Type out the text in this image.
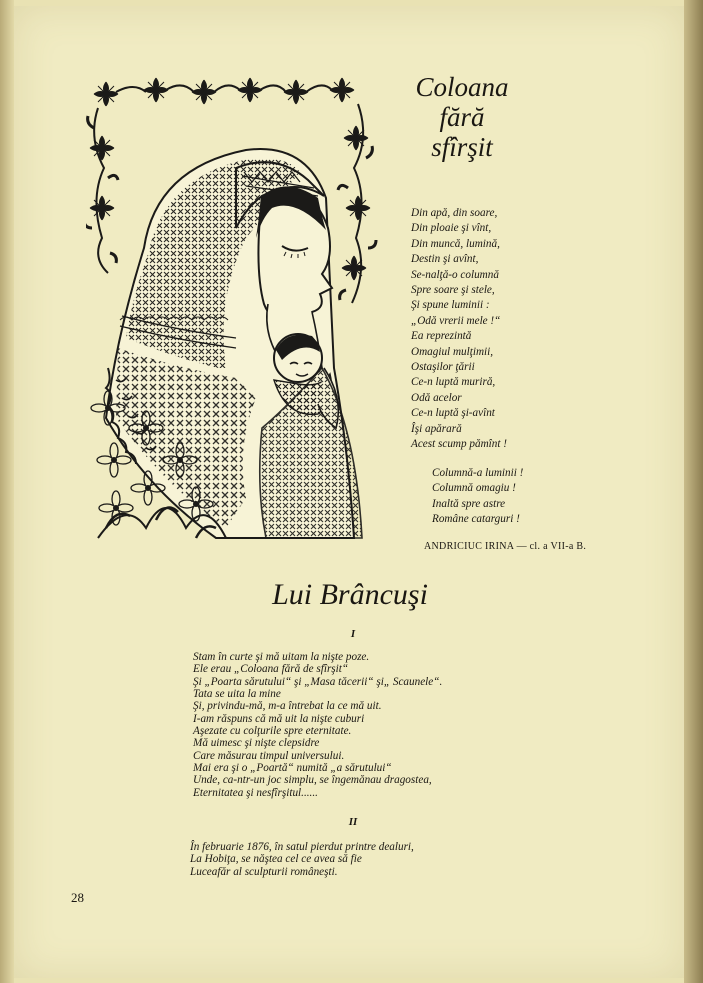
Coloana
fără
sfîrşit
Din apă, din soare,
Din ploaie şi vînt,
Din muncă, lumină,
Destin şi avînt,
Se-nalţă-o columnă
Spre soare şi stele,
Şi spune luminii :
„Odă vrerii mele !“
Ea reprezintă
Omagiul mulţimii,
Ostaşilor ţării
Ce-n luptă muriră,
Odă acelor
Ce-n luptă şi-avînt
Îşi apărară
Acest scump pămînt !
Columnă-a luminii !
Columnă omagiu !
Inaltă spre astre
Române catarguri !
ANDRICIUC IRINA — cl. a VII-a B.
Lui Brâncuşi
I
Stam în curte şi mă uitam la nişte poze.
Ele erau „Coloana fără de sfîrşit“
Şi „Poarta sărutului“ şi „Masa tăcerii“ şi„ Scaunele“.
Tata se uita la mine
Şi, privindu-mă, m-a întrebat la ce mă uit.
I-am răspuns că mă uit la nişte cuburi
Aşezate cu colţurile spre eternitate.
Mă uimesc şi nişte clepsidre
Care măsurau timpul universului.
Mai era şi o „Poartă“ numită „a sărutului“
Unde, ca-ntr-un joc simplu, se îngemănau dragostea,
Eternitatea şi nesfîrşitul......
II
În februarie 1876, în satul pierdut printre dealuri,
La Hobiţa, se năştea cel ce avea să fie
Luceafăr al sculpturii româneşti.
28
